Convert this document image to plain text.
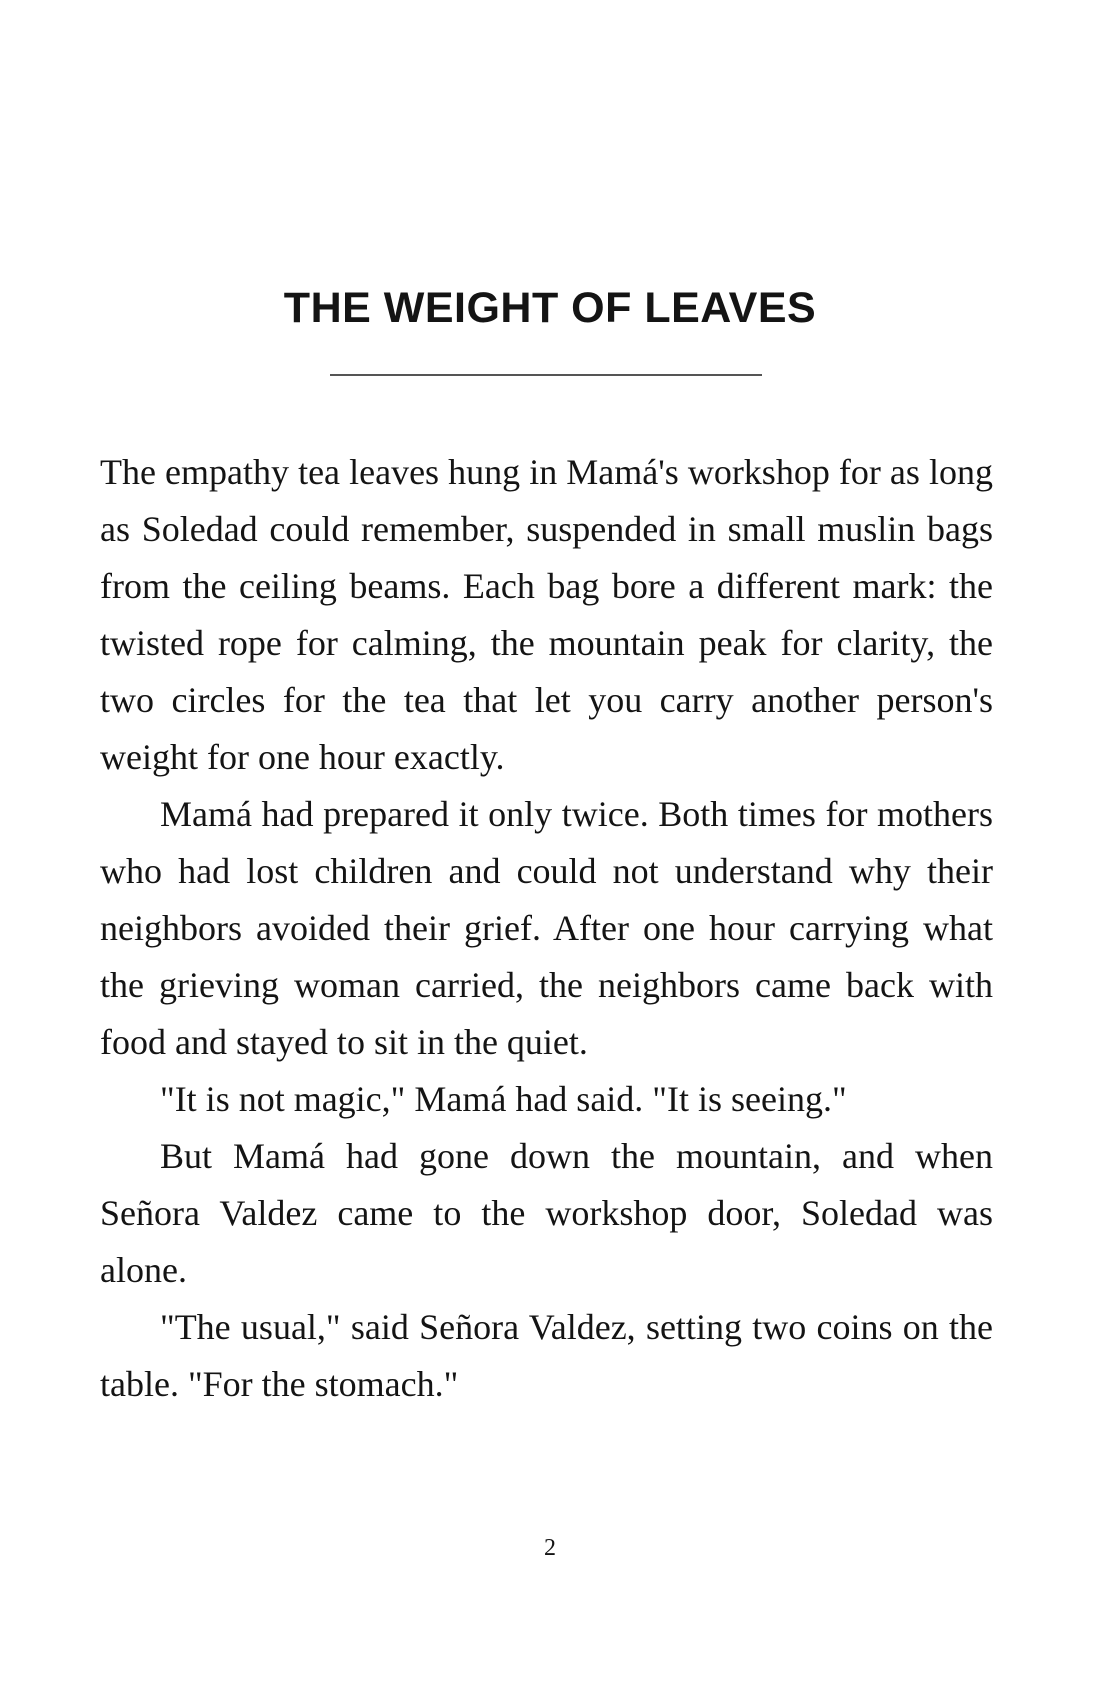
THE WEIGHT OF LEAVES

The empathy tea leaves hung in Mamá's workshop for as long as Soledad could remember, suspended in small muslin bags from the ceiling beams. Each bag bore a different mark: the twisted rope for calming, the mountain peak for clarity, the two circles for the tea that let you carry another person's weight for one hour exactly.

Mamá had prepared it only twice. Both times for mothers who had lost children and could not understand why their neighbors avoided their grief. After one hour carrying what the grieving woman carried, the neighbors came back with food and stayed to sit in the quiet.

"It is not magic," Mamá had said. "It is seeing."

But Mamá had gone down the mountain, and when Señora Valdez came to the workshop door, Soledad was alone.

"The usual," said Señora Valdez, setting two coins on the table. "For the stomach."

2
